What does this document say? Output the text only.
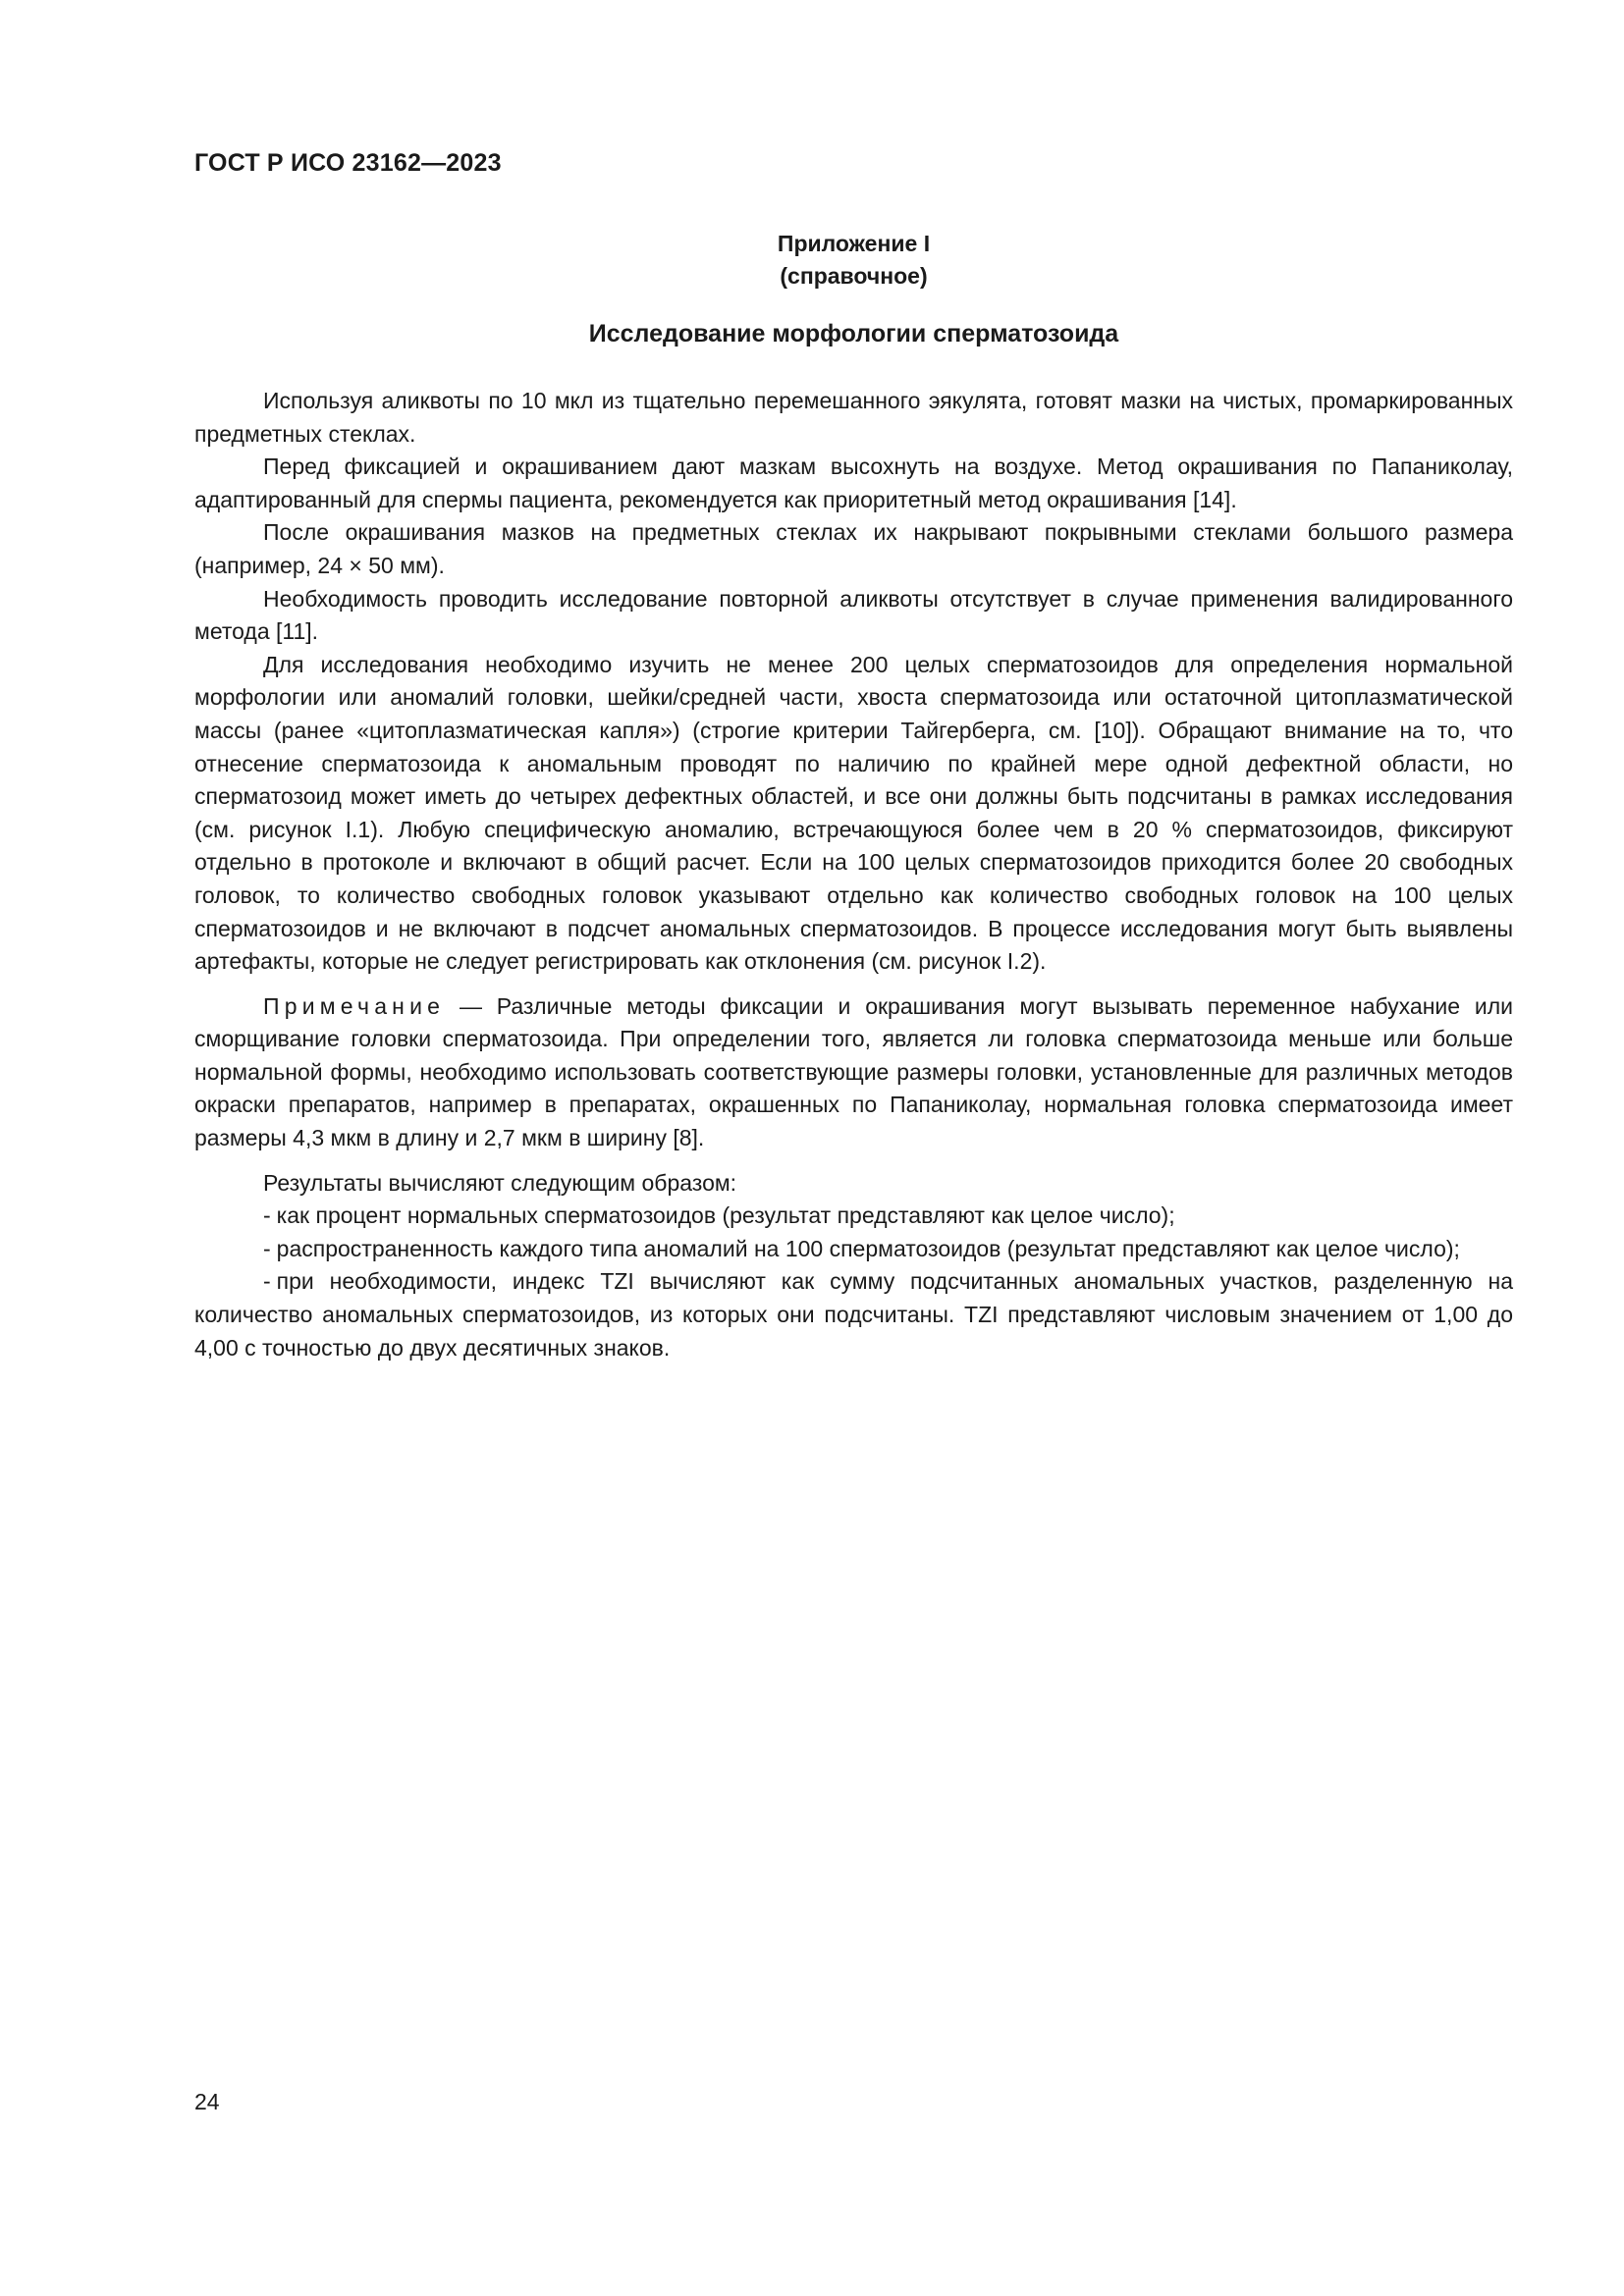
ГОСТ Р ИСО 23162—2023
Приложение I
(справочное)
Исследование морфологии сперматозоида

Используя аликвоты по 10 мкл из тщательно перемешанного эякулята, готовят мазки на чистых, промаркированных предметных стеклах.

Перед фиксацией и окрашиванием дают мазкам высохнуть на воздухе. Метод окрашивания по Папаниколау, адаптированный для спермы пациента, рекомендуется как приоритетный метод окрашивания [14].

После окрашивания мазков на предметных стеклах их накрывают покрывными стеклами большого размера (например, 24 × 50 мм).

Необходимость проводить исследование повторной аликвоты отсутствует в случае применения валидированного метода [11].

Для исследования необходимо изучить не менее 200 целых сперматозоидов для определения нормальной морфологии или аномалий головки, шейки/средней части, хвоста сперматозоида или остаточной цитоплазматической массы (ранее «цитоплазматическая капля») (строгие критерии Тайгерберга, см. [10]). Обращают внимание на то, что отнесение сперматозоида к аномальным проводят по наличию по крайней мере одной дефектной области, но сперматозоид может иметь до четырех дефектных областей, и все они должны быть подсчитаны в рамках исследования (см. рисунок I.1). Любую специфическую аномалию, встречающуюся более чем в 20 % сперматозоидов, фиксируют отдельно в протоколе и включают в общий расчет. Если на 100 целых сперматозоидов приходится более 20 свободных головок, то количество свободных головок указывают отдельно как количество свободных головок на 100 целых сперматозоидов и не включают в подсчет аномальных сперматозоидов. В процессе исследования могут быть выявлены артефакты, которые не следует регистрировать как отклонения (см. рисунок I.2).

Примечание — Различные методы фиксации и окрашивания могут вызывать переменное набухание или сморщивание головки сперматозоида. При определении того, является ли головка сперматозоида меньше или больше нормальной формы, необходимо использовать соответствующие размеры головки, установленные для различных методов окраски препаратов, например в препаратах, окрашенных по Папаниколау, нормальная головка сперматозоида имеет размеры 4,3 мкм в длину и 2,7 мкм в ширину [8].

Результаты вычисляют следующим образом:

- как процент нормальных сперматозоидов (результат представляют как целое число);

- распространенность каждого типа аномалий на 100 сперматозоидов (результат представляют как целое число);

- при необходимости, индекс TZI вычисляют как сумму подсчитанных аномальных участков, разделенную на количество аномальных сперматозоидов, из которых они подсчитаны. TZI представляют числовым значением от 1,00 до 4,00 с точностью до двух десятичных знаков.

24
